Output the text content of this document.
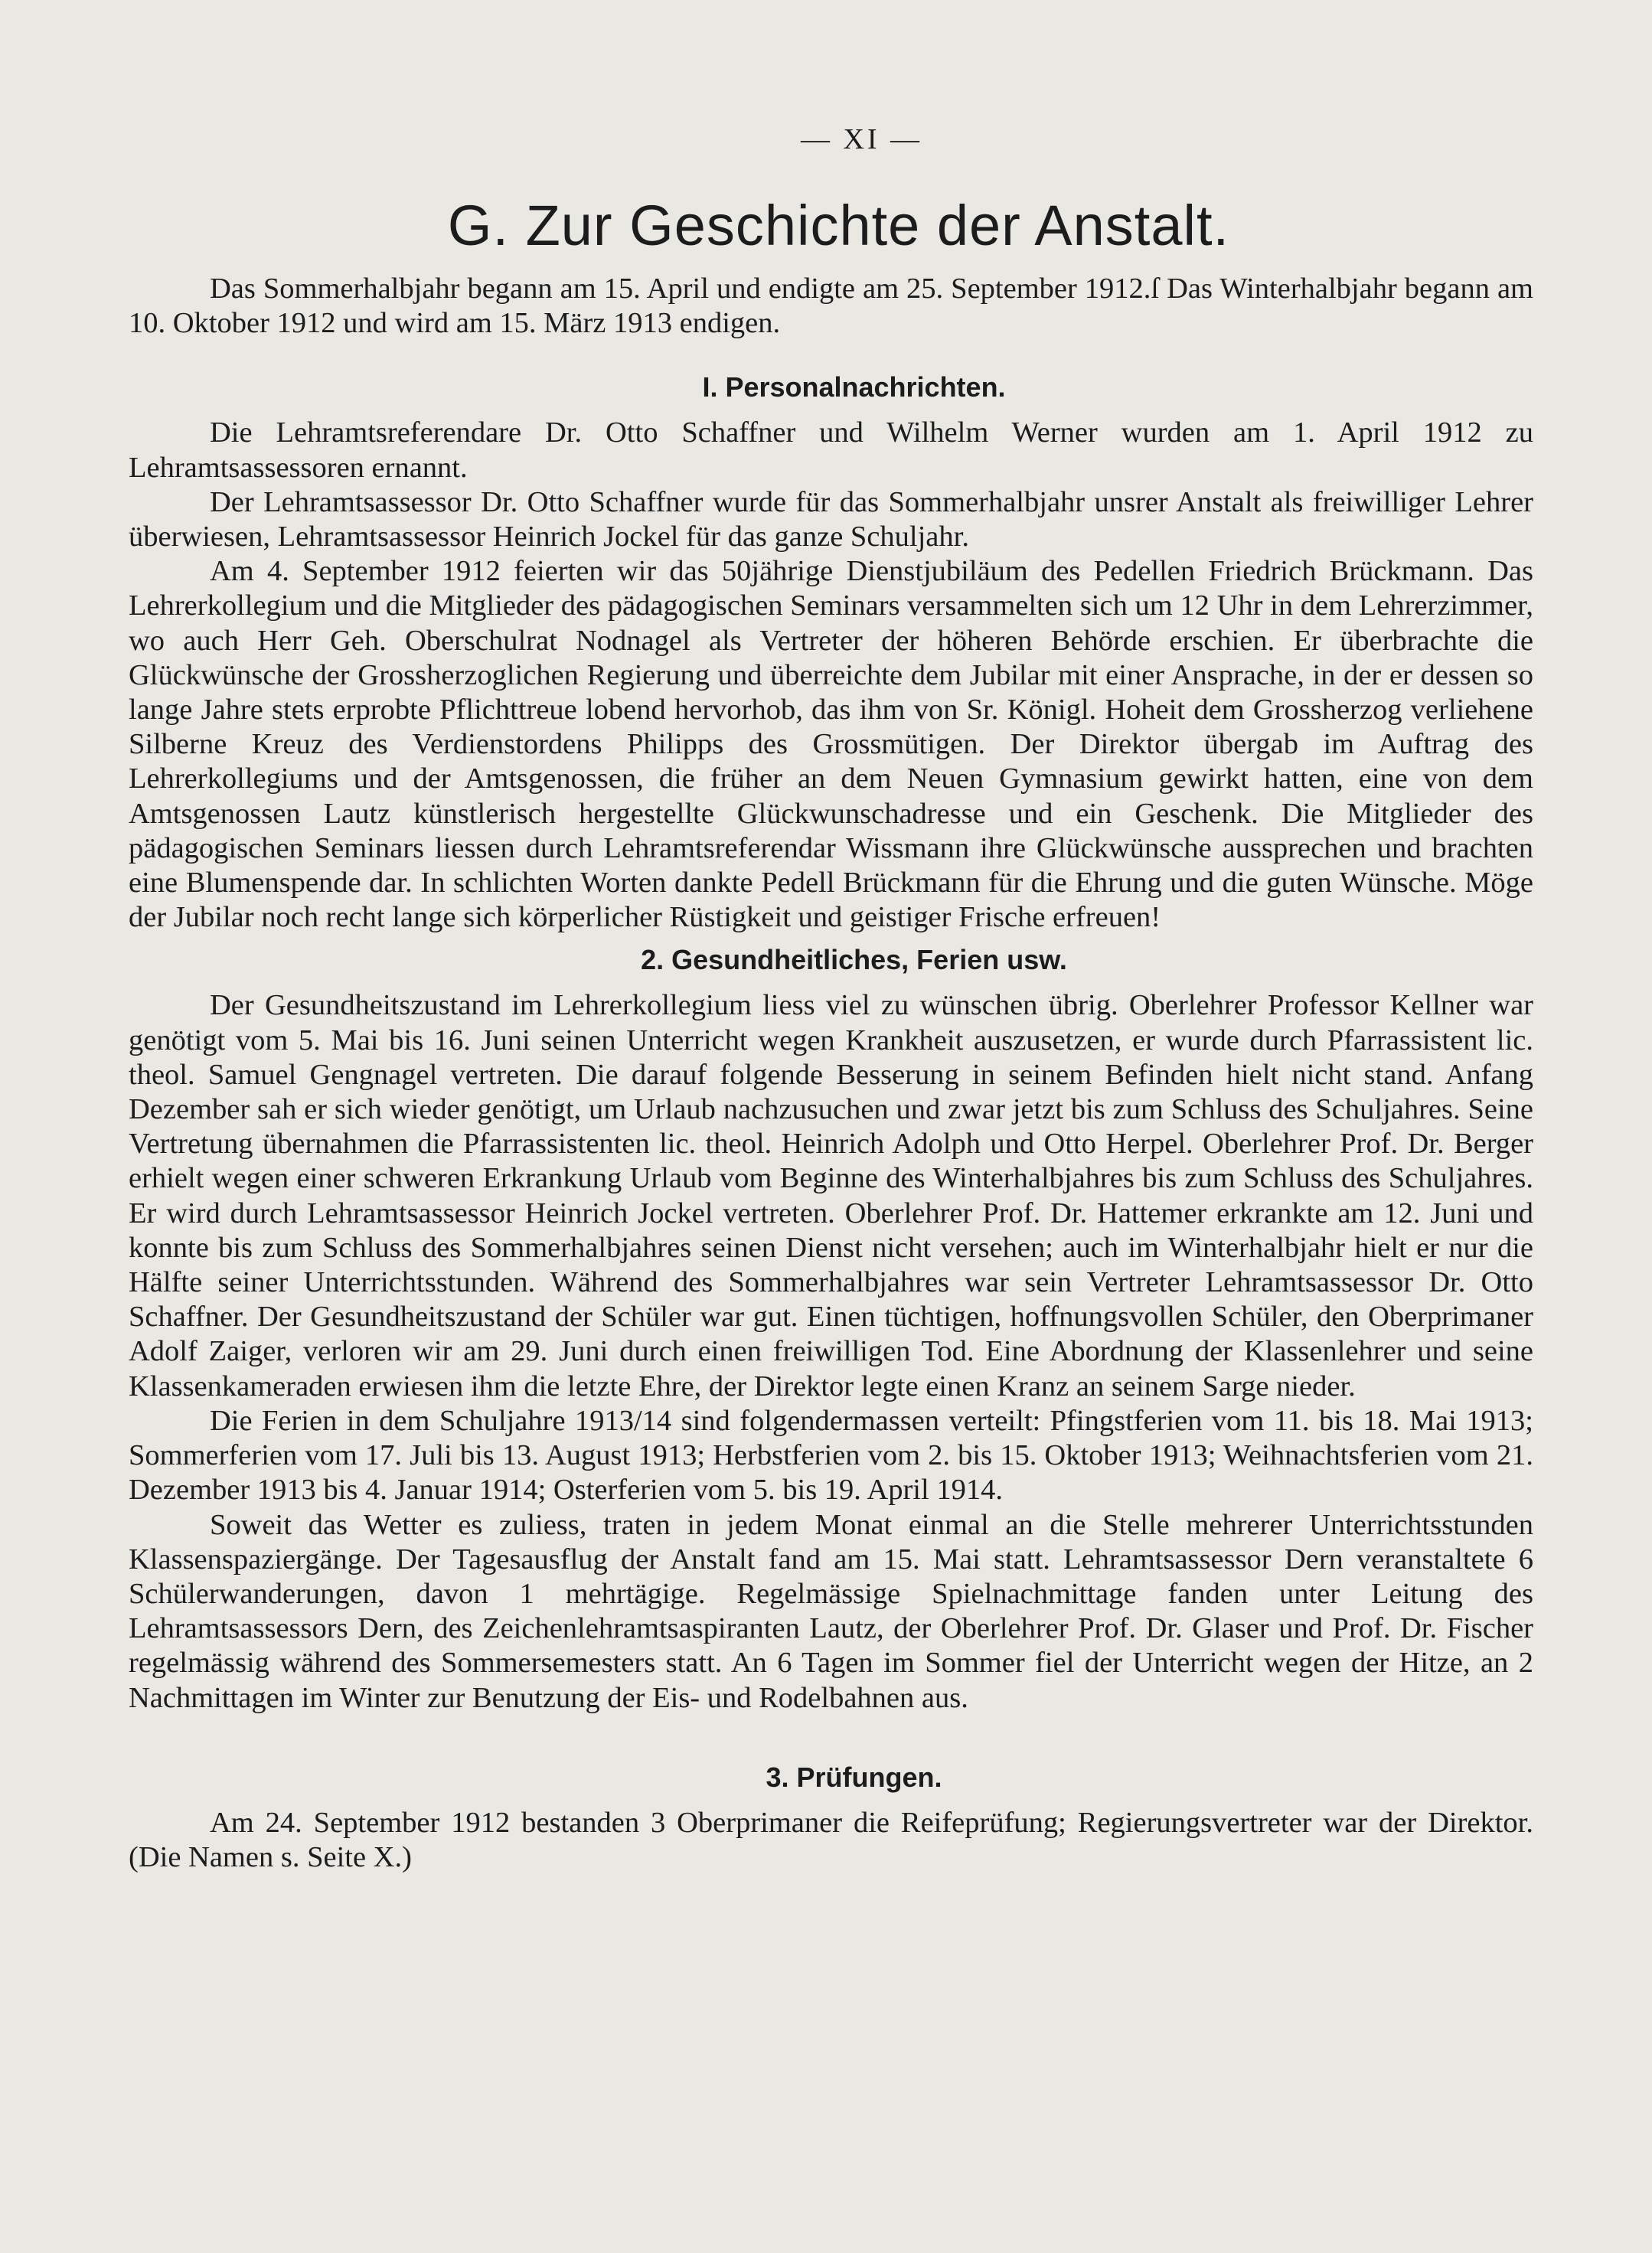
— XI —
G. Zur Geschichte der Anstalt.

Das Sommerhalbjahr begann am 15. April und endigte am 25. September 1912.ſ Das Winterhalbjahr begann am 10. Oktober 1912 und wird am 15. März 1913 endigen.

I. Personalnachrichten.

Die Lehramtsreferendare Dr. Otto Schaffner und Wilhelm Werner wurden am 1. April 1912 zu Lehramtsassessoren ernannt.

Der Lehramtsassessor Dr. Otto Schaffner wurde für das Sommerhalbjahr unsrer Anstalt als freiwilliger Lehrer überwiesen, Lehramtsassessor Heinrich Jockel für das ganze Schuljahr.

Am 4. September 1912 feierten wir das 50jährige Dienstjubiläum des Pedellen Friedrich Brückmann. Das Lehrerkollegium und die Mitglieder des pädagogischen Seminars versammelten sich um 12 Uhr in dem Lehrerzimmer, wo auch Herr Geh. Oberschulrat Nodnagel als Vertreter der höheren Behörde erschien. Er überbrachte die Glückwünsche der Grossherzoglichen Regierung und überreichte dem Jubilar mit einer Ansprache, in der er dessen so lange Jahre stets erprobte Pflichttreue lobend hervorhob, das ihm von Sr. Königl. Hoheit dem Grossherzog verliehene Silberne Kreuz des Verdienstordens Philipps des Grossmütigen. Der Direktor übergab im Auftrag des Lehrerkollegiums und der Amtsgenossen, die früher an dem Neuen Gymnasium gewirkt hatten, eine von dem Amtsgenossen Lautz künstlerisch hergestellte Glückwunschadresse und ein Geschenk. Die Mitglieder des pädagogischen Seminars liessen durch Lehramtsreferendar Wissmann ihre Glückwünsche aussprechen und brachten eine Blumenspende dar. In schlichten Worten dankte Pedell Brückmann für die Ehrung und die guten Wünsche. Möge der Jubilar noch recht lange sich körperlicher Rüstigkeit und geistiger Frische erfreuen!

2. Gesundheitliches, Ferien usw.

Der Gesundheitszustand im Lehrerkollegium liess viel zu wünschen übrig. Oberlehrer Professor Kellner war genötigt vom 5. Mai bis 16. Juni seinen Unterricht wegen Krankheit auszusetzen, er wurde durch Pfarrassistent lic. theol. Samuel Gengnagel vertreten. Die darauf folgende Besserung in seinem Befinden hielt nicht stand. Anfang Dezember sah er sich wieder genötigt, um Urlaub nachzusuchen und zwar jetzt bis zum Schluss des Schuljahres. Seine Vertretung übernahmen die Pfarrassistenten lic. theol. Heinrich Adolph und Otto Herpel. Oberlehrer Prof. Dr. Berger erhielt wegen einer schweren Erkrankung Urlaub vom Beginne des Winterhalbjahres bis zum Schluss des Schuljahres. Er wird durch Lehramtsassessor Heinrich Jockel vertreten. Oberlehrer Prof. Dr. Hattemer erkrankte am 12. Juni und konnte bis zum Schluss des Sommerhalbjahres seinen Dienst nicht versehen; auch im Winterhalbjahr hielt er nur die Hälfte seiner Unterrichtsstunden. Während des Sommerhalbjahres war sein Vertreter Lehramtsassessor Dr. Otto Schaffner. Der Gesundheitszustand der Schüler war gut. Einen tüchtigen, hoffnungsvollen Schüler, den Oberprimaner Adolf Zaiger, verloren wir am 29. Juni durch einen freiwilligen Tod. Eine Abordnung der Klassenlehrer und seine Klassenkameraden erwiesen ihm die letzte Ehre, der Direktor legte einen Kranz an seinem Sarge nieder.

Die Ferien in dem Schuljahre 1913/14 sind folgendermassen verteilt: Pfingstferien vom 11. bis 18. Mai 1913; Sommerferien vom 17. Juli bis 13. August 1913; Herbstferien vom 2. bis 15. Oktober 1913; Weihnachtsferien vom 21. Dezember 1913 bis 4. Januar 1914; Osterferien vom 5. bis 19. April 1914.

Soweit das Wetter es zuliess, traten in jedem Monat einmal an die Stelle mehrerer Unterrichtsstunden Klassenspaziergänge. Der Tagesausflug der Anstalt fand am 15. Mai statt. Lehramtsassessor Dern veranstaltete 6 Schülerwanderungen, davon 1 mehrtägige. Regelmässige Spielnachmittage fanden unter Leitung des Lehramtsassessors Dern, des Zeichenlehramtsaspiranten Lautz, der Oberlehrer Prof. Dr. Glaser und Prof. Dr. Fischer regelmässig während des Sommersemesters statt. An 6 Tagen im Sommer fiel der Unterricht wegen der Hitze, an 2 Nachmittagen im Winter zur Benutzung der Eis- und Rodelbahnen aus.

3. Prüfungen.

Am 24. September 1912 bestanden 3 Oberprimaner die Reifeprüfung; Regierungsvertreter war der Direktor. (Die Namen s. Seite X.)
